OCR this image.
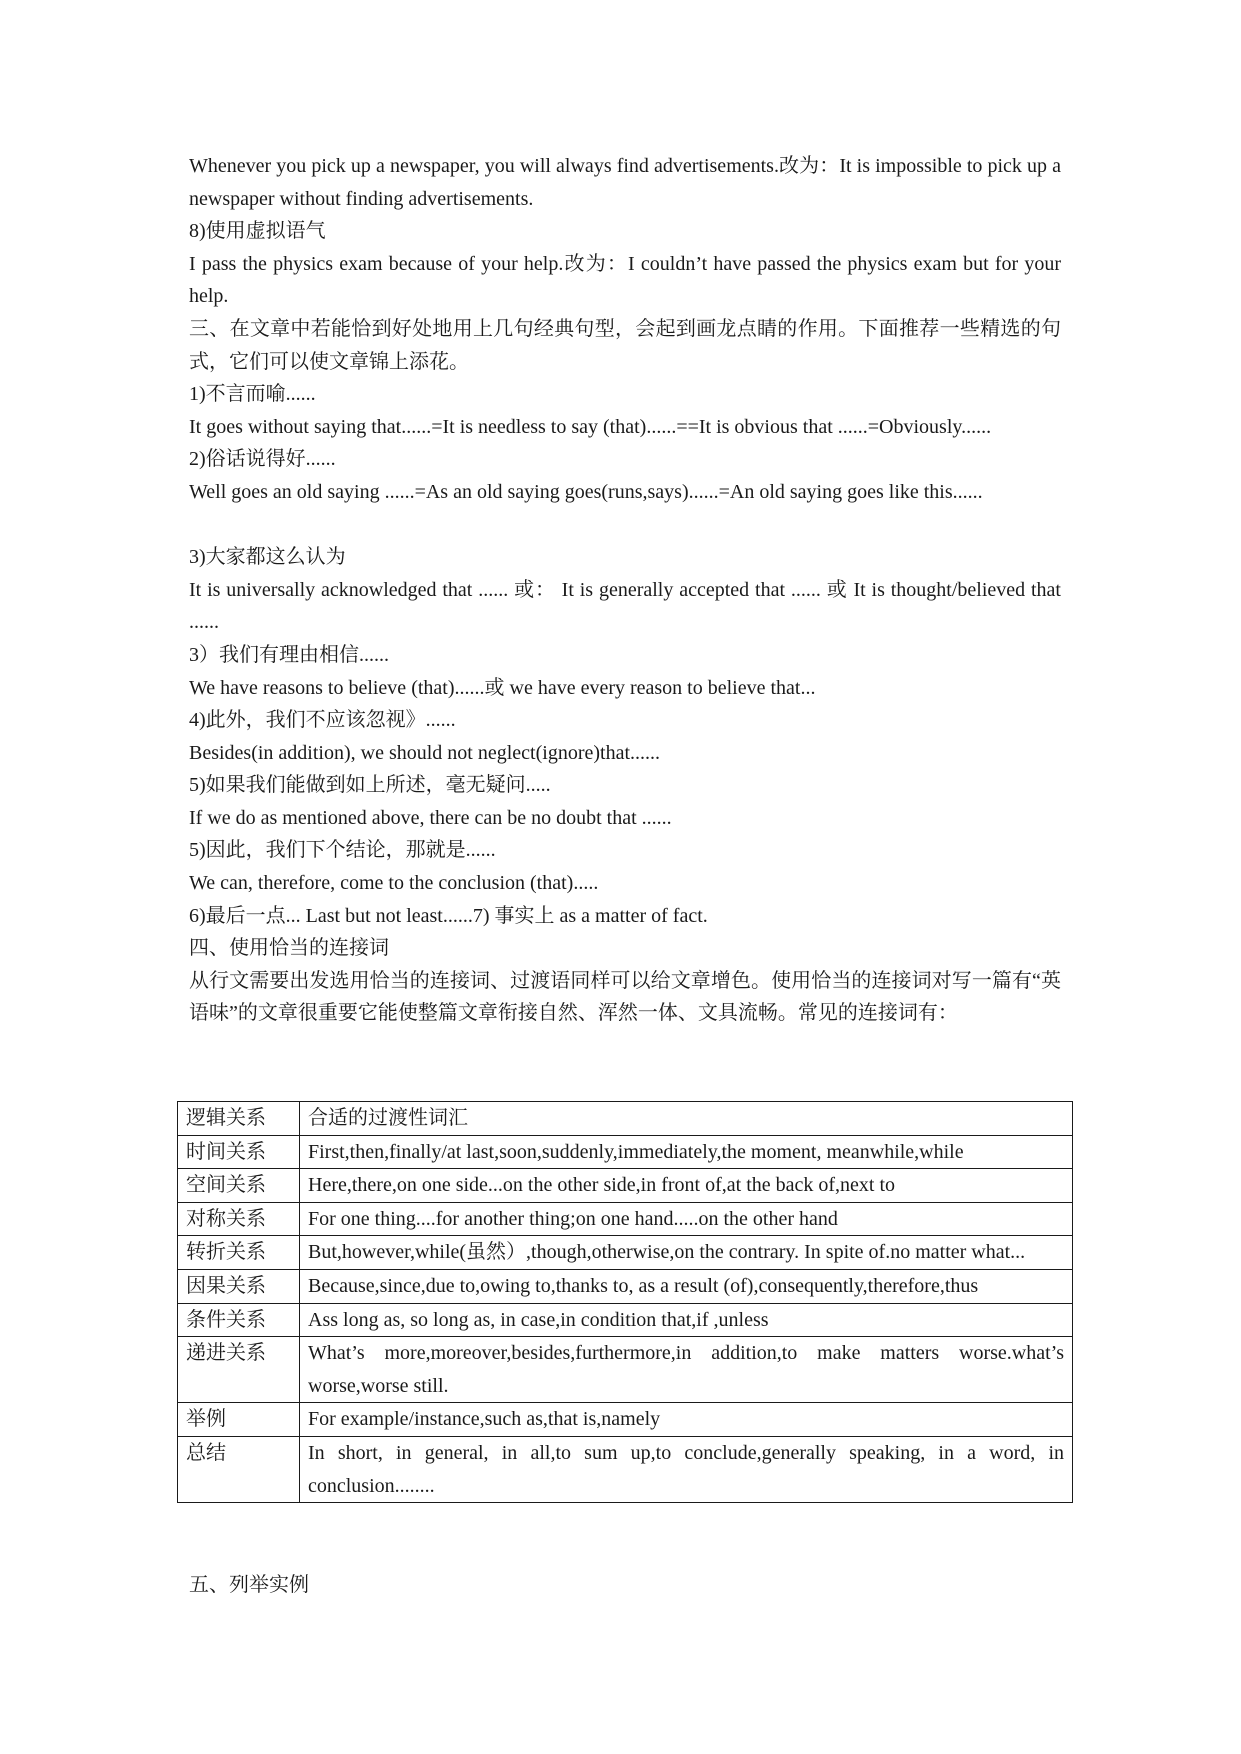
Whenever you pick up a newspaper, you will always find advertisements.改为：It is impossible to pick up a newspaper without finding advertisements.

8)使用虚拟语气

I pass the physics exam because of your help.改为：I couldn’t have passed the physics exam but for your help.

三、在文章中若能恰到好处地用上几句经典句型，会起到画龙点睛的作用。下面推荐一些精选的句式，它们可以使文章锦上添花。

1)不言而喻......

It goes without saying that......=It is needless to say (that)......==It is obvious that ......=Obviously......

2)俗话说得好......

Well goes an old saying ......=As an old saying goes(runs,says)......=An old saying goes like this......

3)大家都这么认为

It is universally acknowledged that ...... 或： It is generally accepted that ...... 或 It is thought/believed that ......

3）我们有理由相信......

We have reasons to believe (that)......或 we have every reason to believe that...

4)此外，我们不应该忽视》......

Besides(in addition), we should not neglect(ignore)that......

5)如果我们能做到如上所述，毫无疑问.....

If we do as mentioned above, there can be no doubt that ......

5)因此，我们下个结论，那就是......

We can, therefore, come to the conclusion (that).....

6)最后一点... Last but not least......7) 事实上 as a matter of fact.

四、使用恰当的连接词

从行文需要出发选用恰当的连接词、过渡语同样可以给文章增色。使用恰当的连接词对写一篇有“英语味”的文章很重要它能使整篇文章衔接自然、浑然一体、文具流畅。常见的连接词有：

逻辑关系	合适的过渡性词汇
时间关系	First,then,finally/at last,soon,suddenly,immediately,the moment, meanwhile,while
空间关系	Here,there,on one side...on the other side,in front of,at the back of,next to
对称关系	For one thing....for another thing;on one hand.....on the other hand
转折关系	But,however,while(虽然）,though,otherwise,on the contrary. In spite of.no matter what...
因果关系	Because,since,due to,owing to,thanks to, as a result (of),consequently,therefore,thus
条件关系	Ass long as, so long as, in case,in condition that,if ,unless
递进关系	What’s more,moreover,besides,furthermore,in addition,to make matters worse.what’s worse,worse still.
举例	For example/instance,such as,that is,namely
总结	In short, in general, in all,to sum up,to conclude,generally speaking, in a word, in conclusion........

五、列举实例
